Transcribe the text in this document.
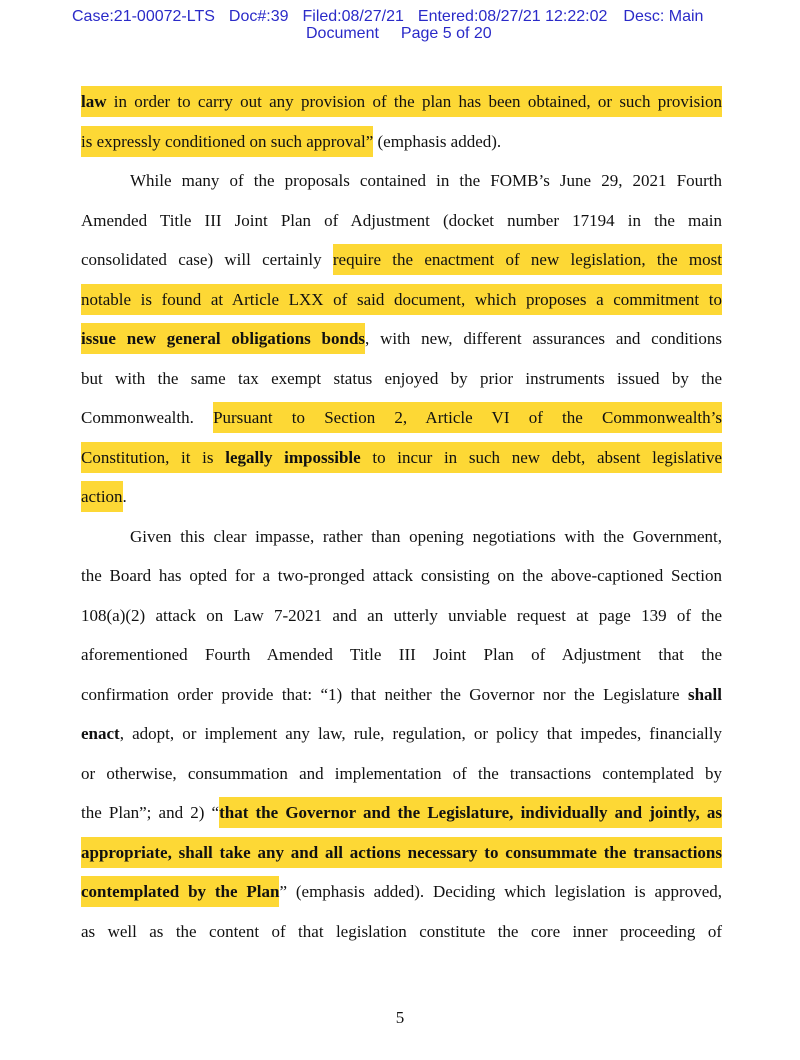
Case:21-00072-LTS Doc#:39 Filed:08/27/21 Entered:08/27/21 12:22:02 Desc: Main
Document Page 5 of 20
law in order to carry out any provision of the plan has been obtained, or such provision
is expressly conditioned on such approval” (emphasis added).
While many of the proposals contained in the FOMB’s June 29, 2021 Fourth
Amended Title III Joint Plan of Adjustment (docket number 17194 in the main
consolidated case) will certainly require the enactment of new legislation, the most
notable is found at Article LXX of said document, which proposes a commitment to
issue new general obligations bonds, with new, different assurances and conditions
but with the same tax exempt status enjoyed by prior instruments issued by the
Commonwealth. Pursuant to Section 2, Article VI of the Commonwealth’s
Constitution, it is legally impossible to incur in such new debt, absent legislative
action.
Given this clear impasse, rather than opening negotiations with the Government,
the Board has opted for a two-pronged attack consisting on the above-captioned Section
108(a)(2) attack on Law 7-2021 and an utterly unviable request at page 139 of the
aforementioned Fourth Amended Title III Joint Plan of Adjustment that the
confirmation order provide that: “1) that neither the Governor nor the Legislature shall
enact, adopt, or implement any law, rule, regulation, or policy that impedes, financially
or otherwise, consummation and implementation of the transactions contemplated by
the Plan”; and 2) “that the Governor and the Legislature, individually and jointly, as
appropriate, shall take any and all actions necessary to consummate the transactions
contemplated by the Plan” (emphasis added). Deciding which legislation is approved,
as well as the content of that legislation constitute the core inner proceeding of
5
